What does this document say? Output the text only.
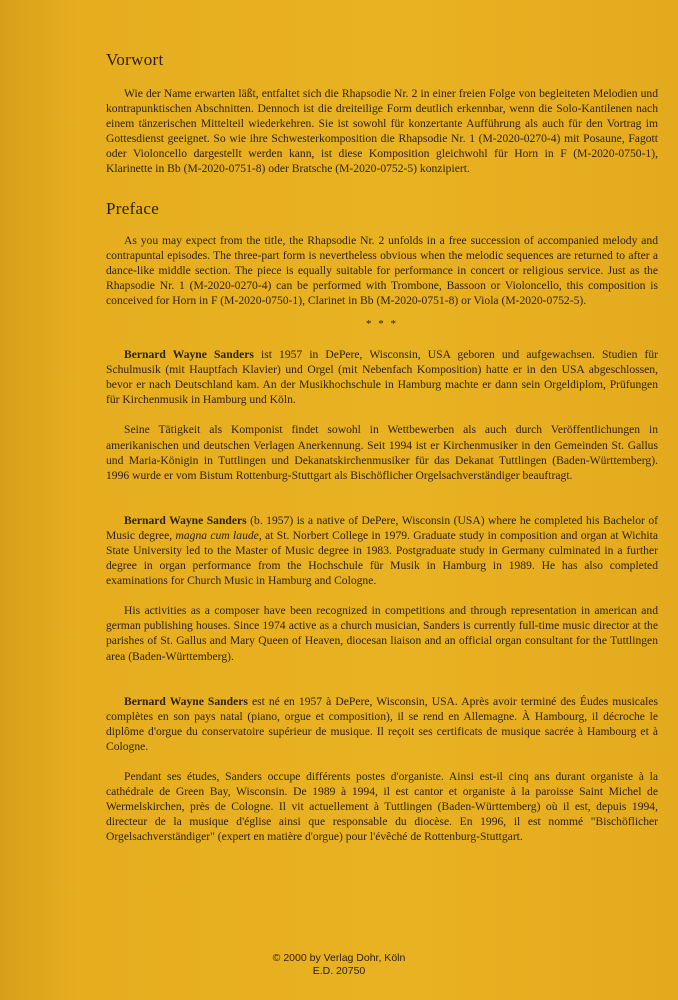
Vorwort

Wie der Name erwarten läßt, entfaltet sich die Rhapsodie Nr. 2 in einer freien Folge von begleiteten Melodien und kontrapunktischen Abschnitten. Dennoch ist die dreiteilige Form deutlich erkennbar, wenn die Solo-Kantilenen nach einem tänzerischen Mittelteil wiederkehren. Sie ist sowohl für konzertante Aufführung als auch für den Vortrag im Gottesdienst geeignet. So wie ihre Schwesterkomposition die Rhapsodie Nr. 1 (M-2020-0270-4) mit Posaune, Fagott oder Violoncello dargestellt werden kann, ist diese Komposition gleichwohl für Horn in F (M-2020-0750-1), Klarinette in Bb (M-2020-0751-8) oder Bratsche (M-2020-0752-5) konzipiert.

Preface

As you may expect from the title, the Rhapsodie Nr. 2 unfolds in a free succession of accompanied melody and contrapuntal episodes. The three-part form is nevertheless obvious when the melodic sequences are returned to after a dance-like middle section. The piece is equally suitable for performance in concert or religious service. Just as the Rhapsodie Nr. 1 (M-2020-0270-4) can be performed with Trombone, Bassoon or Violoncello, this composition is conceived for Horn in F (M-2020-0750-1), Clarinet in Bb (M-2020-0751-8) or Viola (M-2020-0752-5).

* * *

Bernard Wayne Sanders ist 1957 in DePere, Wisconsin, USA geboren und aufgewachsen. Studien für Schulmusik (mit Hauptfach Klavier) und Orgel (mit Nebenfach Komposition) hatte er in den USA abgeschlossen, bevor er nach Deutschland kam. An der Musikhochschule in Hamburg machte er dann sein Orgeldiplom, Prüfungen für Kirchenmusik in Hamburg und Köln.

Seine Tätigkeit als Komponist findet sowohl in Wettbewerben als auch durch Veröffentlichungen in amerikanischen und deutschen Verlagen Anerkennung. Seit 1994 ist er Kirchenmusiker in den Gemeinden St. Gallus und Maria-Königin in Tuttlingen und Dekanatskirchenmusiker für das Dekanat Tuttlingen (Baden-Württemberg). 1996 wurde er vom Bistum Rottenburg-Stuttgart als Bischöflicher Orgelsachverständiger beauftragt.

Bernard Wayne Sanders (b. 1957) is a native of DePere, Wisconsin (USA) where he completed his Bachelor of Music degree, magna cum laude, at St. Norbert College in 1979. Graduate study in composition and organ at Wichita State University led to the Master of Music degree in 1983. Postgraduate study in Germany culminated in a further degree in organ performance from the Hochschule für Musik in Hamburg in 1989. He has also completed examinations for Church Music in Hamburg and Cologne.

His activities as a composer have been recognized in competitions and through representation in american and german publishing houses. Since 1974 active as a church musician, Sanders is currently full-time music director at the parishes of St. Gallus and Mary Queen of Heaven, diocesan liaison and an official organ consultant for the Tuttlingen area (Baden-Württemberg).

Bernard Wayne Sanders est né en 1957 à DePere, Wisconsin, USA. Après avoir terminé des Éudes musicales complètes en son pays natal (piano, orgue et composition), il se rend en Allemagne. À Hambourg, il décroche le diplôme d'orgue du conservatoire supérieur de musique. Il reçoit ses certificats de musique sacrée à Hambourg et à Cologne.

Pendant ses études, Sanders occupe différents postes d'organiste. Ainsi est-il cinq ans durant organiste à la cathédrale de Green Bay, Wisconsin. De 1989 à 1994, il est cantor et organiste à la paroisse Saint Michel de Wermelskirchen, près de Cologne. Il vit actuellement à Tuttlingen (Baden-Württemberg) où il est, depuis 1994, directeur de la musique d'église ainsi que responsable du diocèse. En 1996, il est nommé "Bischöflicher Orgelsachverständiger" (expert en matière d'orgue) pour l'évêché de Rottenburg-Stuttgart.

© 2000 by Verlag Dohr, Köln
E.D. 20750
